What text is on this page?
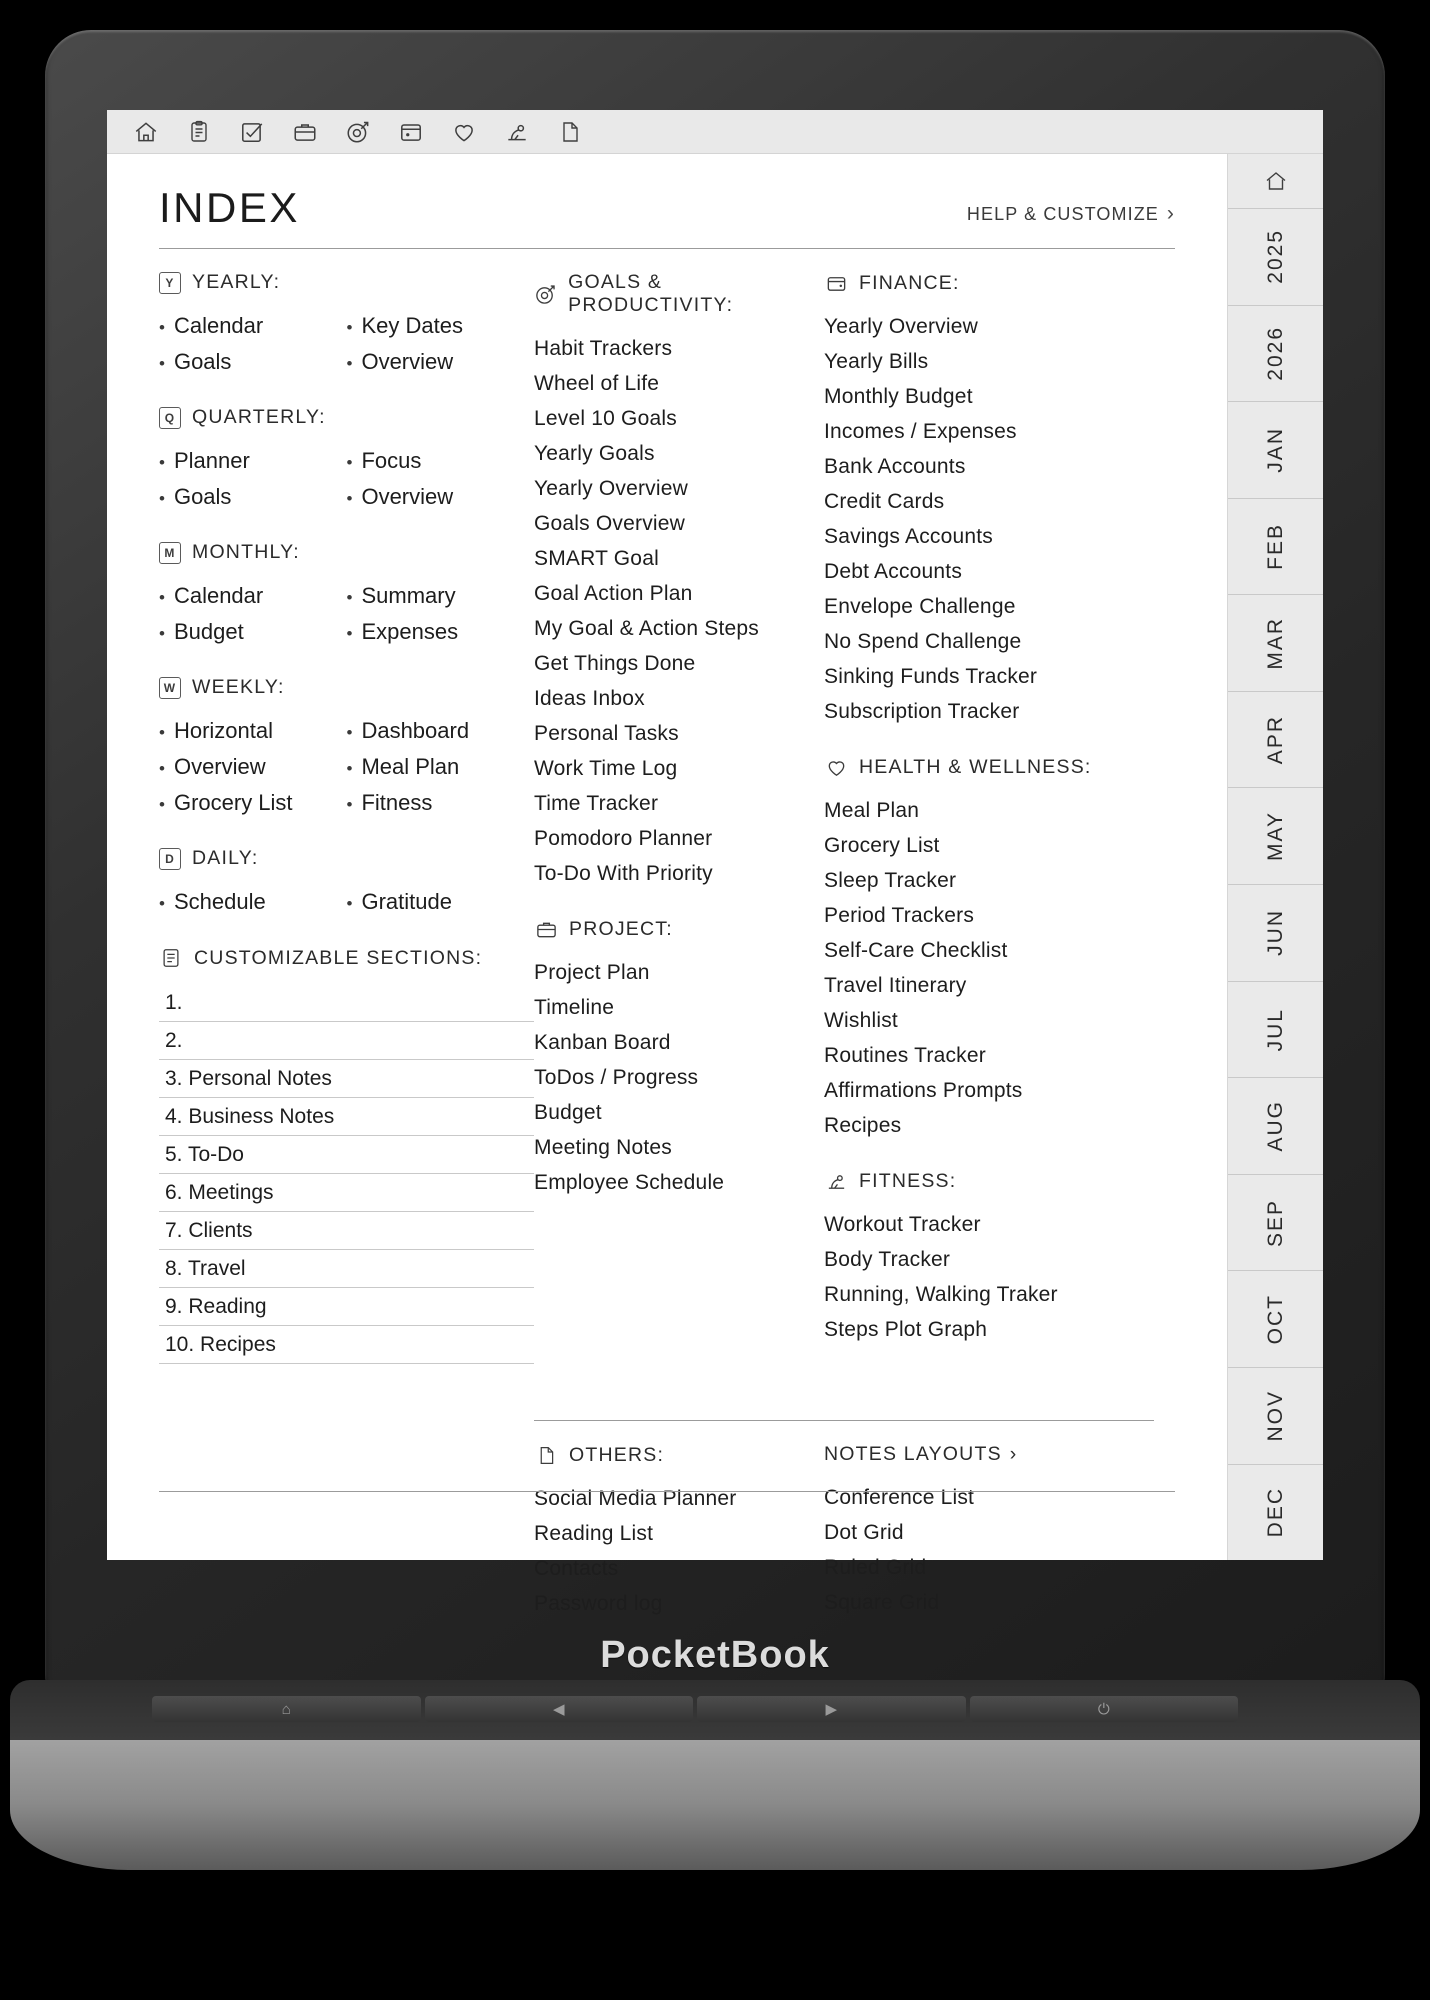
INDEX	HELP & CUSTOMIZE ›
Y YEARLY:
• Calendar	• Key Dates
• Goals	• Overview
Q QUARTERLY:
• Planner	• Focus
• Goals	• Overview
M MONTHLY:
• Calendar	• Summary
• Budget	• Expenses
W WEEKLY:
• Horizontal	• Dashboard
• Overview	• Meal Plan
• Grocery List	• Fitness
D DAILY:
• Schedule	• Gratitude
CUSTOMIZABLE SECTIONS:
1.
2.
3. Personal Notes
4. Business Notes
5. To-Do
6. Meetings
7. Clients
8. Travel
9. Reading
10. Recipes
GOALS & PRODUCTIVITY:
Habit Trackers
Wheel of Life
Level 10 Goals
Yearly Goals
Yearly Overview
Goals Overview
SMART Goal
Goal Action Plan
My Goal & Action Steps
Get Things Done
Ideas Inbox
Personal Tasks
Work Time Log
Time Tracker
Pomodoro Planner
To-Do With Priority
PROJECT:
Project Plan
Timeline
Kanban Board
ToDos / Progress
Budget
Meeting Notes
Employee Schedule
FINANCE:
Yearly Overview
Yearly Bills
Monthly Budget
Incomes / Expenses
Bank Accounts
Credit Cards
Savings Accounts
Debt Accounts
Envelope Challenge
No Spend Challenge
Sinking Funds Tracker
Subscription Tracker
HEALTH & WELLNESS:
Meal Plan
Grocery List
Sleep Tracker
Period Trackers
Self-Care Checklist
Travel Itinerary
Wishlist
Routines Tracker
Affirmations Prompts
Recipes
FITNESS:
Workout Tracker
Body Tracker
Running, Walking Traker
Steps Plot Graph
OTHERS:
Social Media Planner
Reading List
Contacts
Password log
NOTES LAYOUTS ›
Conference List
Dot Grid
Ruled Grid
Square Grid
2025
2026
JAN
FEB
MAR
APR
MAY
JUN
JUL
AUG
SEP
OCT
NOV
DEC
PocketBook
⌂	◀	▶	⏻
